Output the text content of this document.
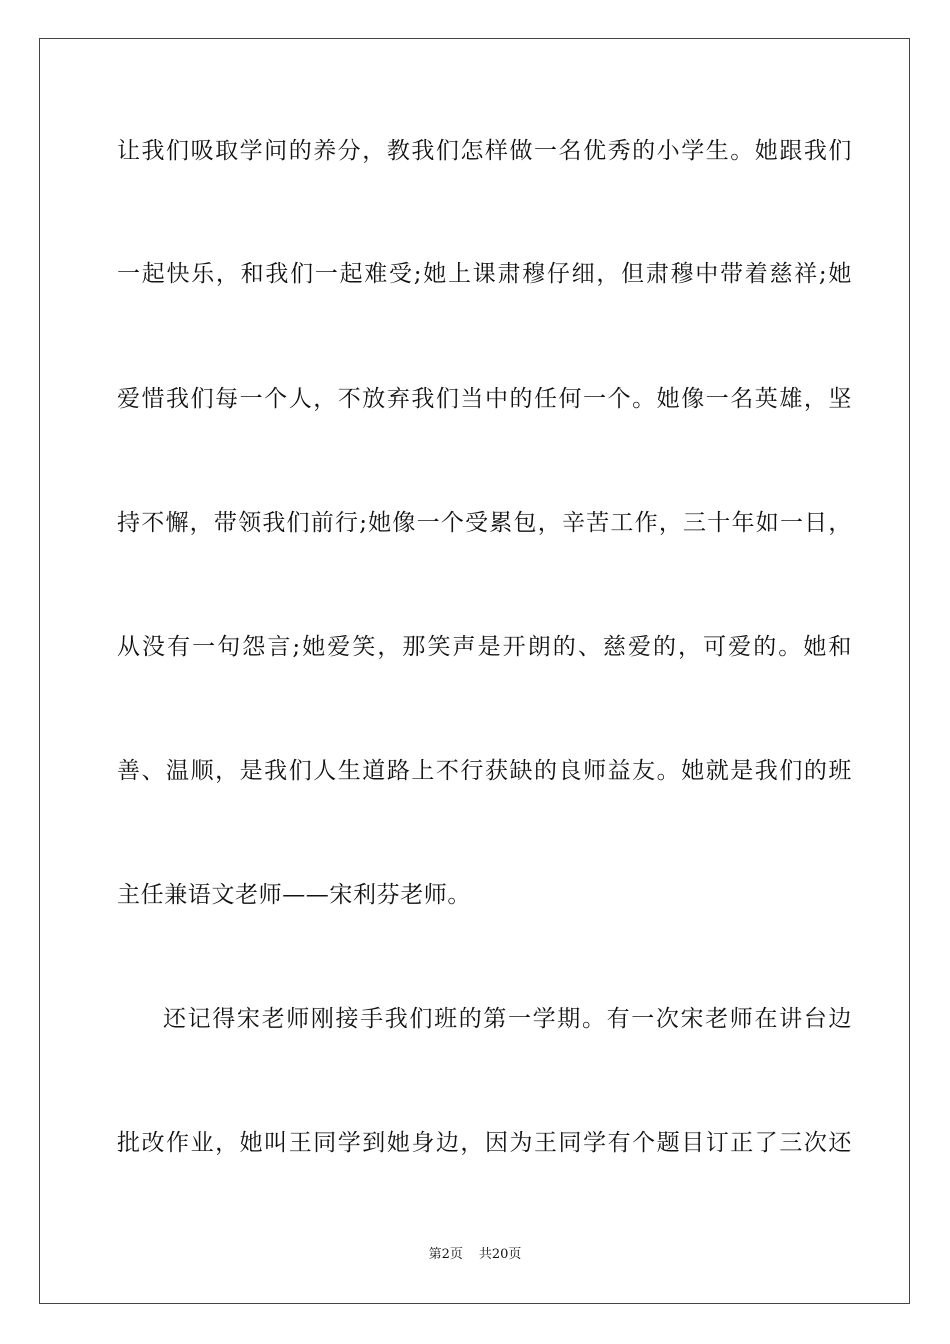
让我们吸取学问的养分，教我们怎样做一名优秀的小学生。她跟我们
一起快乐，和我们一起难受;她上课肃穆仔细，但肃穆中带着慈祥;她
爱惜我们每一个人，不放弃我们当中的任何一个。她像一名英雄，坚
持不懈，带领我们前行;她像一个受累包，辛苦工作，三十年如一日，
从没有一句怨言;她爱笑，那笑声是开朗的、慈爱的，可爱的。她和
善、温顺，是我们人生道路上不行获缺的良师益友。她就是我们的班
主任兼语文老师——宋利芬老师。
还记得宋老师刚接手我们班的第一学期。有一次宋老师在讲台边
批改作业，她叫王同学到她身边，因为王同学有个题目订正了三次还
第2页 共20页
